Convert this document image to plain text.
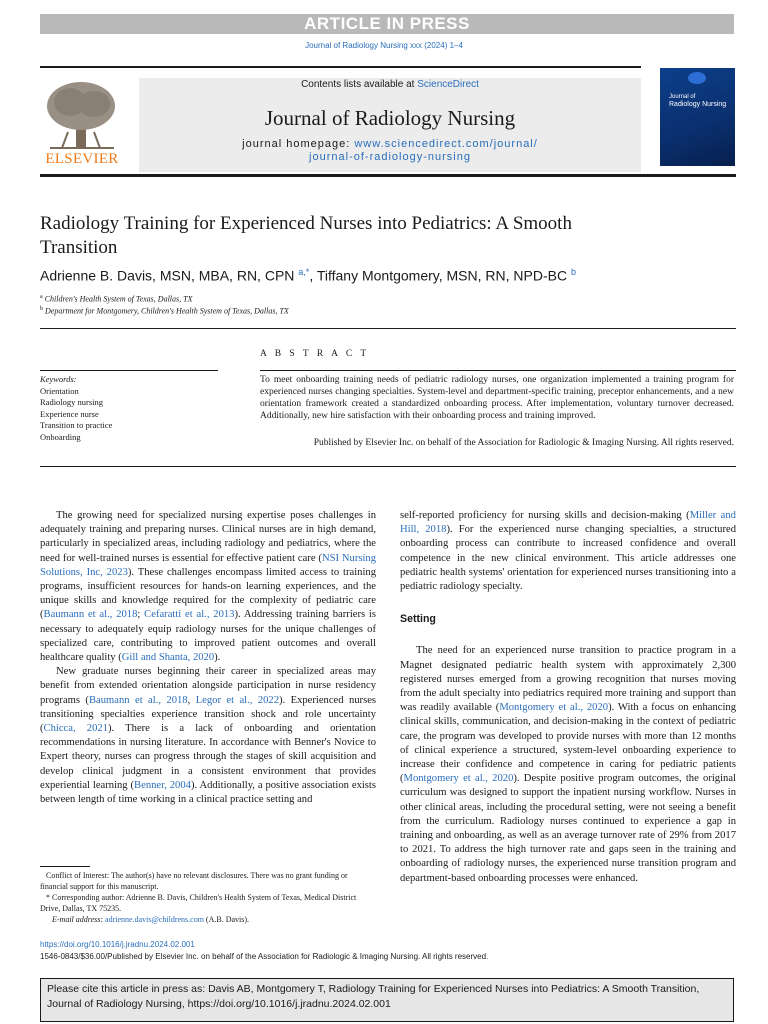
ARTICLE IN PRESS
Journal of Radiology Nursing xxx (2024) 1–4
ELSEVIER
Contents lists available at ScienceDirect
Journal of Radiology Nursing
journal homepage: www.sciencedirect.com/journal/
journal-of-radiology-nursing
Journal of
Radiology Nursing
Radiology Training for Experienced Nurses into Pediatrics: A Smooth Transition
Adrienne B. Davis, MSN, MBA, RN, CPN $^{a,*}$, Tiffany Montgomery, MSN, RN, NPD-BC $^b$
$^a$ Children's Health System of Texas, Dallas, TX
$^b$ Department for Montgomery, Children's Health System of Texas, Dallas, TX
A B S T R A C T
Keywords:
Orientation
Radiology nursing
Experience nurse
Transition to practice
Onboarding
To meet onboarding training needs of pediatric radiology nurses, one organization implemented a training program for experienced nurses changing specialties. System-level and department-specific training, preceptor enhancements, and a new orientation framework created a standardized onboarding process. After implementation, voluntary turnover decreased. Additionally, new hire satisfaction with their onboarding process and training improved.
Published by Elsevier Inc. on behalf of the Association for Radiologic & Imaging Nursing. All rights reserved.

The growing need for specialized nursing expertise poses challenges in adequately training and preparing nurses. Clinical nurses are in high demand, particularly in specialized areas, including radiology and pediatrics, where the need for well-trained nurses is essential for effective patient care (NSI Nursing Solutions, Inc, 2023). These challenges encompass limited access to training programs, insufficient resources for hands-on learning experiences, and the unique skills and knowledge required for the complexity of pediatric care (Baumann et al., 2018; Cefaratti et al., 2013). Addressing training barriers is necessary to adequately equip radiology nurses for the unique challenges of specialized care, contributing to improved patient outcomes and overall healthcare quality (Gill and Shanta, 2020).

New graduate nurses beginning their career in specialized areas may benefit from extended orientation alongside participation in nurse residency programs (Baumann et al., 2018, Legor et al., 2022). Experienced nurses transitioning specialties experience transition shock and role uncertainty (Chicca, 2021). There is a lack of onboarding and orientation recommendations in nursing literature. In accordance with Benner's Novice to Expert theory, nurses can progress through the stages of skill acquisition and develop clinical judgment in a consistent environment that provides experiential learning (Benner, 2004). Additionally, a positive association exists between length of time working in a clinical practice setting and

self-reported proficiency for nursing skills and decision-making (Miller and Hill, 2018). For the experienced nurse changing specialties, a structured onboarding process can contribute to increased confidence and overall competence in the new clinical environment. This article addresses one pediatric health systems' orientation for experienced nurses transitioning into a pediatric radiology specialty.

Setting

The need for an experienced nurse transition to practice program in a Magnet designated pediatric health system with approximately 2,300 registered nurses emerged from a growing recognition that nurses moving from the adult specialty into pediatrics required more training and support than was readily available (Montgomery et al., 2020). With a focus on enhancing clinical skills, communication, and decision-making in the context of pediatric care, the program was developed to provide nurses with more than 12 months of clinical experience a structured, system-level onboarding experience to increase their confidence and competence in caring for pediatric patients (Montgomery et al., 2020). Despite positive program outcomes, the original curriculum was designed to support the inpatient nursing workflow. Nurses in other clinical areas, including the procedural setting, were not seeing a benefit from the curriculum. Radiology nurses continued to experience a gap in training and onboarding, as well as an average turnover rate of 29% from 2017 to 2021. To address the high turnover rate and gaps seen in the training and onboarding of radiology nurses, the experienced nurse transition program and department-based onboarding processes were enhanced.

Conflict of Interest: The author(s) have no relevant disclosures. There was no grant funding or financial support for this manuscript.

* Corresponding author: Adrienne B. Davis, Children's Health System of Texas, Medical District Drive, Dallas, TX 75235.

E-mail address: adrienne.davis@childrens.com (A.B. Davis).

https://doi.org/10.1016/j.jradnu.2024.02.001
1546-0843/$36.00/Published by Elsevier Inc. on behalf of the Association for Radiologic & Imaging Nursing. All rights reserved.
Please cite this article in press as: Davis AB, Montgomery T, Radiology Training for Experienced Nurses into Pediatrics: A Smooth Transition, Journal of Radiology Nursing, https://doi.org/10.1016/j.jradnu.2024.02.001
